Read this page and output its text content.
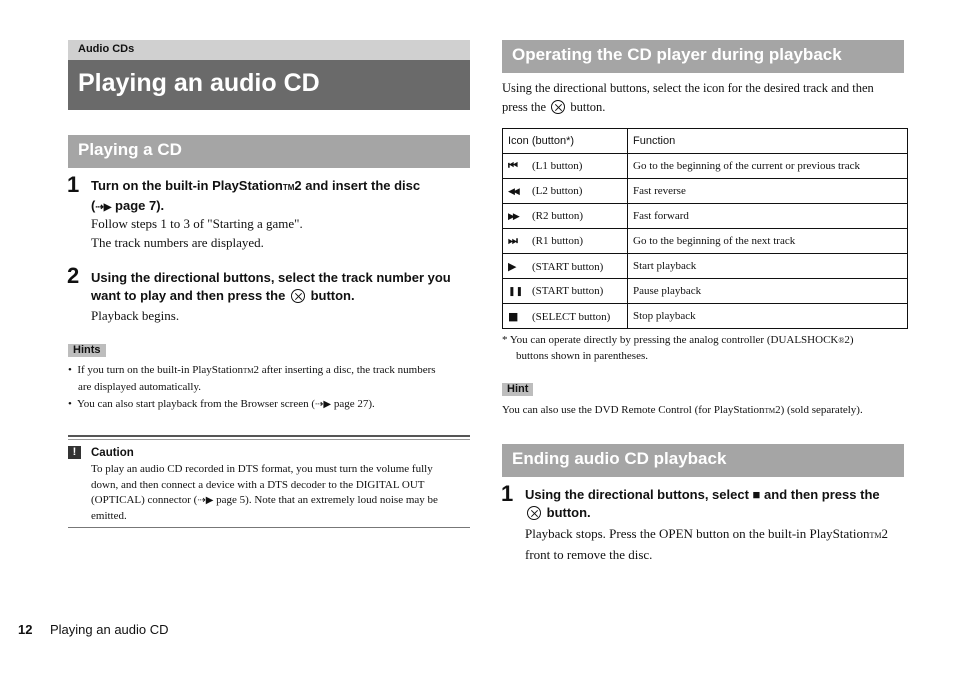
Audio CDs
Playing an audio CD
Playing a CD
1 Turn on the built-in PlayStationTM2 and insert the disc
(⇢▶ page 7).
Follow steps 1 to 3 of "Starting a game".
The track numbers are displayed.
2 Using the directional buttons, select the track number you
want to play and then press the button.
Playback begins.
Hints
•  If you turn on the built-in PlayStationTM2 after inserting a disc, the track numbers
are displayed automatically.
•  You can also start playback from the Browser screen (⇢▶ page 27).
!	Caution
To play an audio CD recorded in DTS format, you must turn the volume fully
down, and then connect a device with a DTS decoder to the DIGITAL OUT
(OPTICAL) connector (⇢▶ page 5). Note that an extremely loud noise may be
emitted.
Operating the CD player during playback
Using the directional buttons, select the icon for the desired track and then
press the button.
Icon (button*)	Function
⏮ (L1 button)	Go to the beginning of the current or previous track
◀◀ (L2 button)	Fast reverse
▶▶ (R2 button)	Fast forward
⏭ (R1 button)	Go to the beginning of the next track
▶ (START button)	Start playback
❚❚ (START button)	Pause playback
■ (SELECT button)	Stop playback
* You can operate directly by pressing the analog controller (DUALSHOCK®2)
buttons shown in parentheses.
Hint
You can also use the DVD Remote Control (for PlayStationTM2) (sold separately).
Ending audio CD playback
1 Using the directional buttons, select ■ and then press the
button.
Playback stops. Press the OPEN button on the built-in PlayStationTM2
front to remove the disc.
12 Playing an audio CD
